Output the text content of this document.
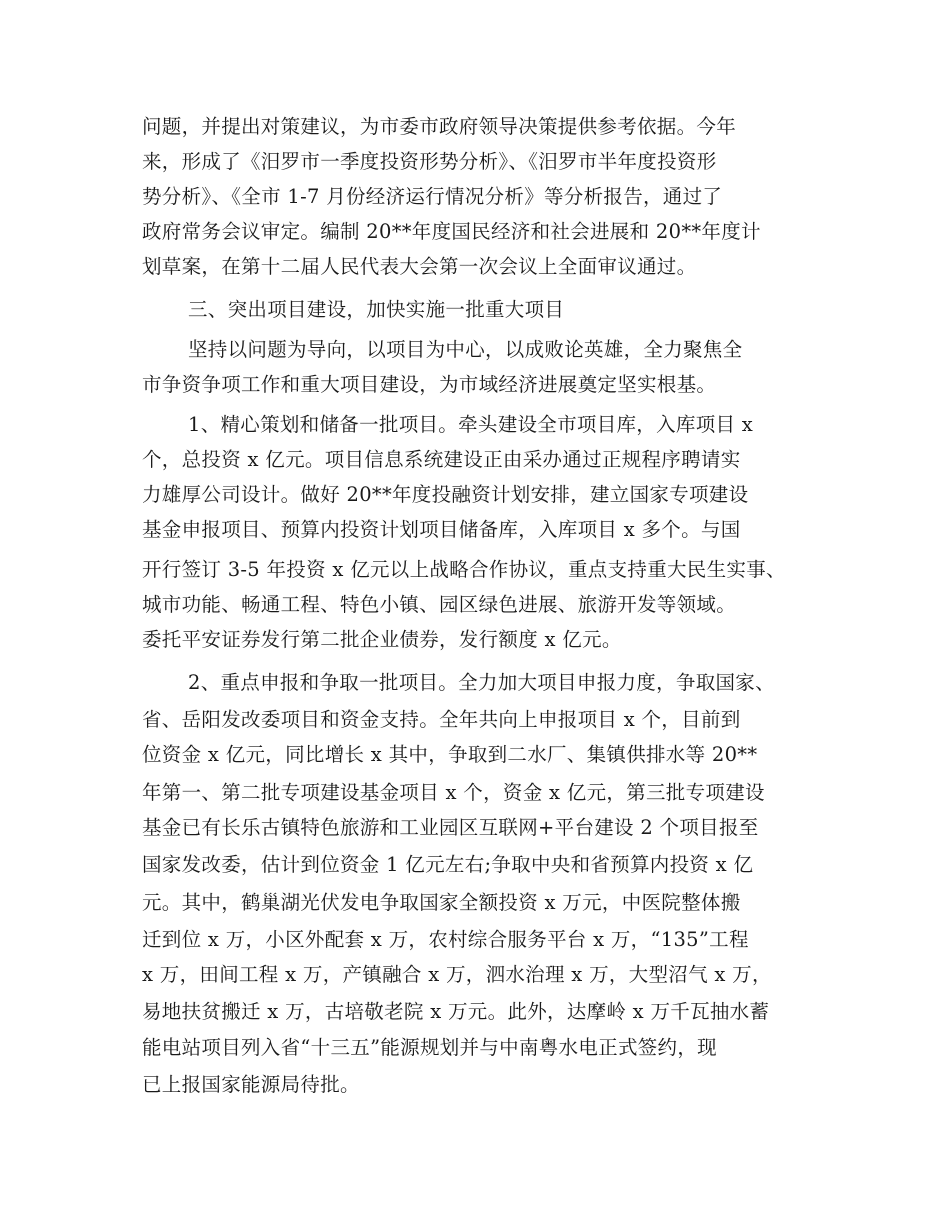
问题，并提出对策建议，为市委市政府领导决策提供参考依据。今年
来，形成了《汨罗市一季度投资形势分析》、《汨罗市半年度投资形
势分析》、《全市 1-7 月份经济运行情况分析》等分析报告，通过了
政府常务会议审定。编制 20**年度国民经济和社会进展和 20**年度计
划草案，在第十二届人民代表大会第一次会议上全面审议通过。
三、突出项目建设，加快实施一批重大项目
坚持以问题为导向，以项目为中心，以成败论英雄，全力聚焦全
市争资争项工作和重大项目建设，为市域经济进展奠定坚实根基。
1、精心策划和储备一批项目。牵头建设全市项目库，入库项目 x
个，总投资 x 亿元。项目信息系统建设正由采办通过正规程序聘请实
力雄厚公司设计。做好 20**年度投融资计划安排，建立国家专项建设
基金申报项目、预算内投资计划项目储备库，入库项目 x 多个。与国
开行签订 3-5 年投资 x 亿元以上战略合作协议，重点支持重大民生实事、
城市功能、畅通工程、特色小镇、园区绿色进展、旅游开发等领域。
委托平安证券发行第二批企业债券，发行额度 x 亿元。
2、重点申报和争取一批项目。全力加大项目申报力度，争取国家、
省、岳阳发改委项目和资金支持。全年共向上申报项目 x 个，目前到
位资金 x 亿元，同比增长 x 其中，争取到二水厂、集镇供排水等 20**
年第一、第二批专项建设基金项目 x 个，资金 x 亿元，第三批专项建设
基金已有长乐古镇特色旅游和工业园区互联网+平台建设 2 个项目报至
国家发改委，估计到位资金 1 亿元左右;争取中央和省预算内投资 x 亿
元。其中，鹤巢湖光伏发电争取国家全额投资 x 万元，中医院整体搬
迁到位 x 万，小区外配套 x 万，农村综合服务平台 x 万，“135”工程
x 万，田间工程 x 万，产镇融合 x 万，泗水治理 x 万，大型沼气 x 万，
易地扶贫搬迁 x 万，古培敬老院 x 万元。此外，达摩岭 x 万千瓦抽水蓄
能电站项目列入省“十三五”能源规划并与中南粤水电正式签约，现
已上报国家能源局待批。
